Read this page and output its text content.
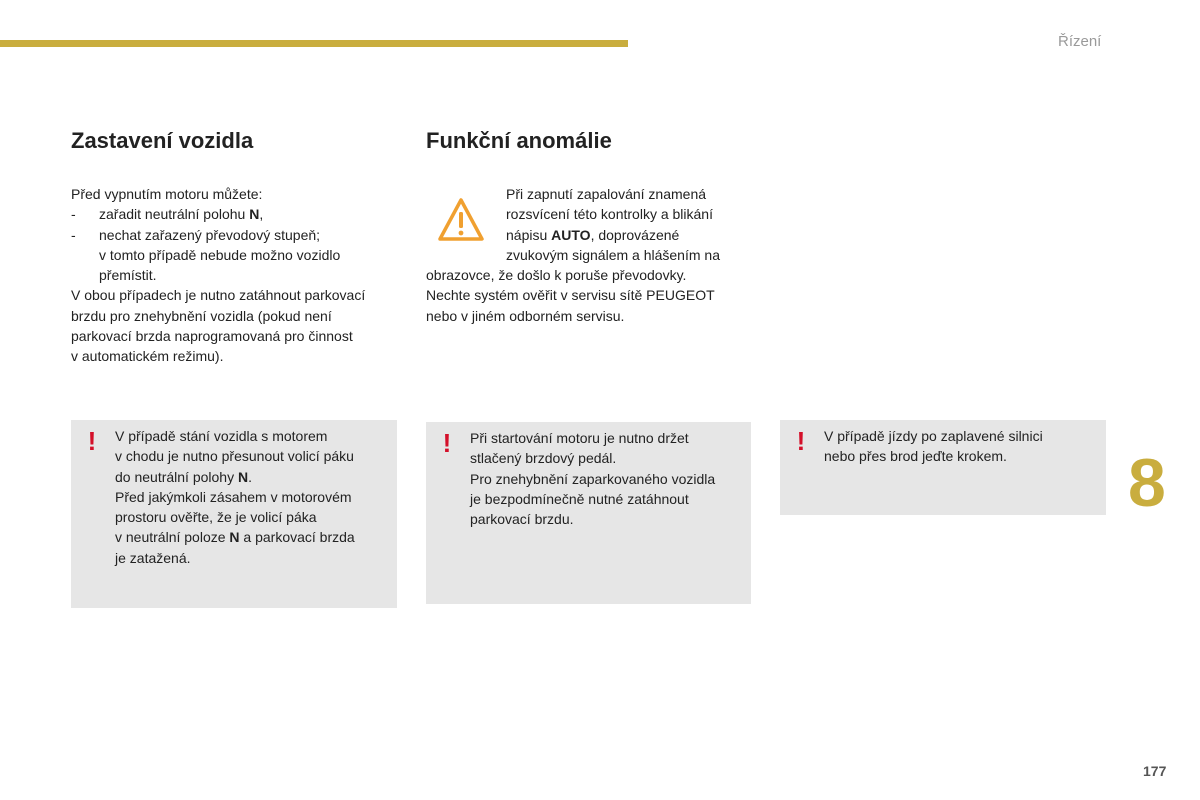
Řízení
Zastavení vozidla

Před vypnutím motoru můžete:

-	zařadit neutrální polohu N,
-	nechat zařazený převodový stupeň;

v tomto případě nebude možno vozidlo

přemístit.

V obou případech je nutno zatáhnout parkovací

brzdu pro znehybnění vozidla (pokud není

parkovací brzda naprogramovaná pro činnost

v automatickém režimu).

Funkční anomálie

Při zapnutí zapalování znamená

rozsvícení této kontrolky a blikání

nápisu AUTO, doprovázené

zvukovým signálem a hlášením na

obrazovce, že došlo k poruše převodovky.

Nechte systém ověřit v servisu sítě PEUGEOT

nebo v jiném odborném servisu.

! V případě stání vozidla s motorem
v chodu je nutno přesunout volicí páku
do neutrální polohy N.
Před jakýmkoli zásahem v motorovém
prostoru ověřte, že je volicí páka
v neutrální poloze N a parkovací brzda
je zatažená.
! Při startování motoru je nutno držet
stlačený brzdový pedál.
Pro znehybnění zaparkovaného vozidla
je bezpodmínečně nutné zatáhnout
parkovací brzdu.
! V případě jízdy po zaplavené silnici
nebo přes brod jeďte krokem.	8
177
